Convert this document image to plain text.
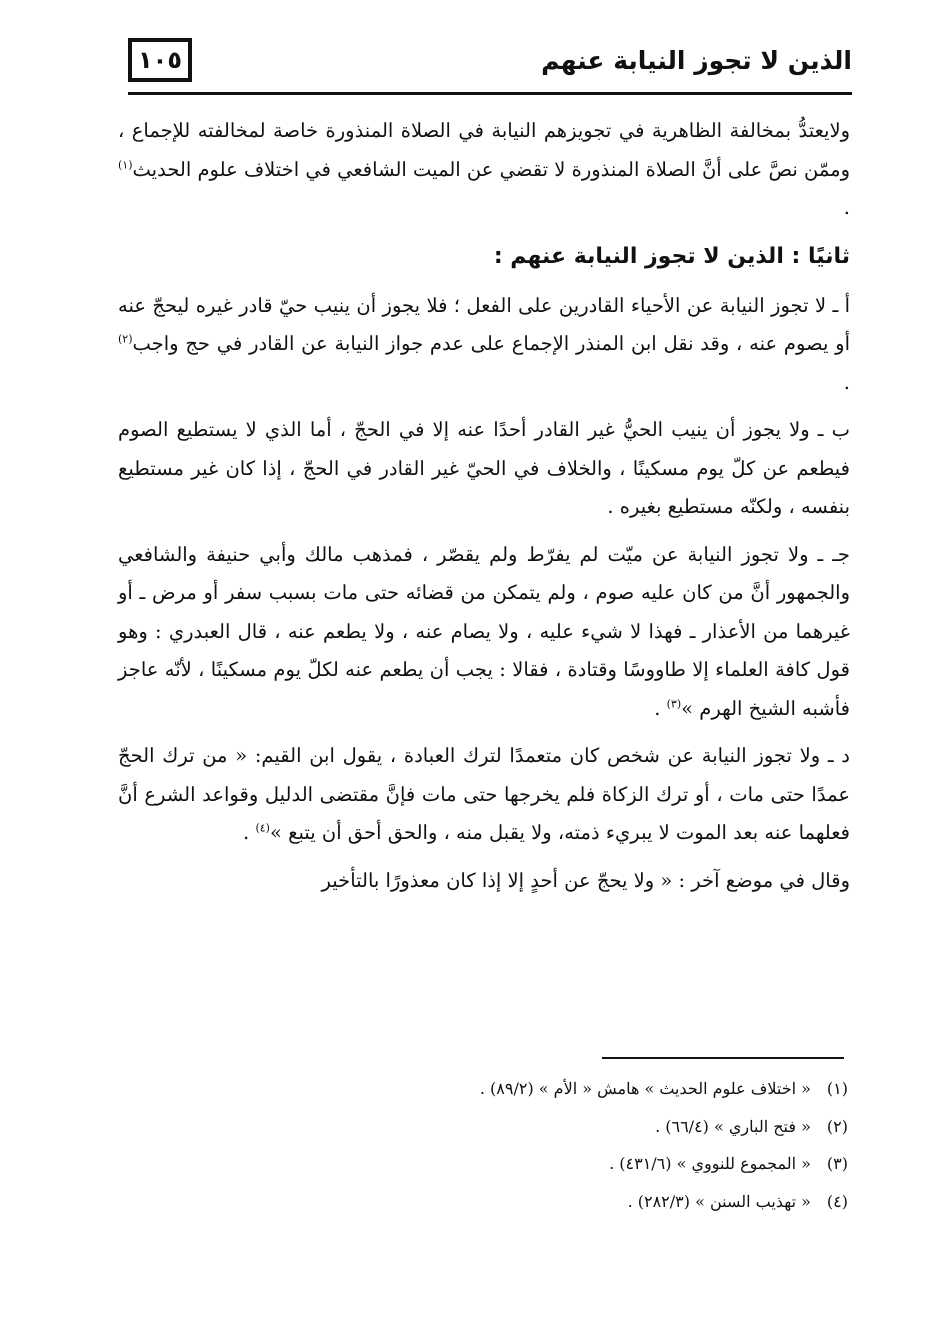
١٠٥	الذين لا تجوز النيابة عنهم

ولايعتدُّ بمخالفة الظاهرية في تجويزهم النيابة في الصلاة المنذورة خاصة لمخالفته للإجماع ، وممّن نصَّ على أنَّ الصلاة المنذورة لا تقضي عن الميت الشافعي في اختلاف علوم الحديث$^{(١)}$ .

ثانيًا : الذين لا تجوز النيابة عنهم :

أ ـ لا تجوز النيابة عن الأحياء القادرين على الفعل ؛ فلا يجوز أن ينيب حيّ قادر غيره ليحجّ عنه أو يصوم عنه ، وقد نقل ابن المنذر الإجماع على عدم جواز النيابة عن القادر في حج واجب$^{(٢)}$ .

ب ـ ولا يجوز أن ينيب الحيُّ غير القادر أحدًا عنه إلا في الحجّ ، أما الذي لا يستطيع الصوم فيطعم عن كلّ يوم مسكينًا ، والخلاف في الحيّ غير القادر في الحجّ ، إذا كان غير مستطيع بنفسه ، ولكنّه مستطيع بغيره .

جـ ـ ولا تجوز النيابة عن ميّت لم يفرّط ولم يقصّر ، فمذهب مالك وأبي حنيفة والشافعي والجمهور أنَّ من كان عليه صوم ، ولم يتمكن من قضائه حتى مات بسبب سفر أو مرض ـ أو غيرهما من الأعذار ـ فهذا لا شيء عليه ، ولا يصام عنه ، ولا يطعم عنه ، قال العبدري : وهو قول كافة العلماء إلا طاووسًا وقتادة ، فقالا : يجب أن يطعم عنه لكلّ يوم مسكينًا ، لأنّه عاجز فأشبه الشيخ الهرم »$^{(٣)}$ .

د ـ ولا تجوز النيابة عن شخص كان متعمدًا لترك العبادة ، يقول ابن القيم: « من ترك الحجّ عمدًا حتى مات ، أو ترك الزكاة فلم يخرجها حتى مات فإنَّ مقتضى الدليل وقواعد الشرع أنَّ فعلهما عنه بعد الموت لا يبريء ذمته، ولا يقبل منه ، والحق أحق أن يتبع »$^{(٤)}$ .

وقال في موضع آخر : « ولا يحجّ عن أحدٍ إلا إذا كان معذورًا بالتأخير

(١) « اختلاف علوم الحديث » هامش « الأم » (٨٩/٢) .
(٢) « فتح الباري » (٦٦/٤) .
(٣) « المجموع للنووي » (٤٣١/٦) .
(٤) « تهذيب السنن » (٢٨٢/٣) .
